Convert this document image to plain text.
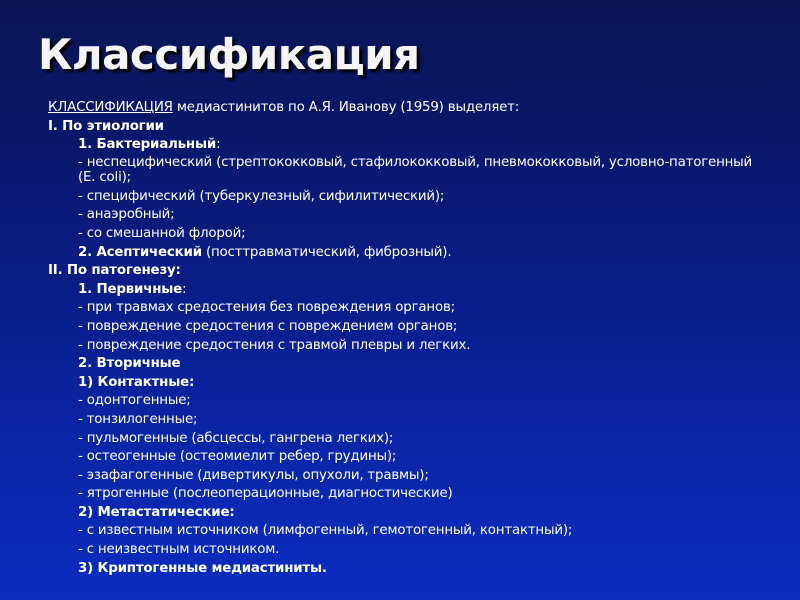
Классификация
КЛАССИФИКАЦИЯ медиастинитов по А.Я. Иванову (1959) выделяет:
I. По этиологии
1. Бактериальный:
- неспецифический (стрептококковый, стафилококковый, пневмококковый, условно-патогенный (E. coli);
- специфический (туберкулезный, сифилитический);
- анаэробный;
- со смешанной флорой;
2. Асептический (посттравматический, фиброзный).
II. По патогенезу:
1. Первичные:
- при травмах средостения без повреждения органов;
- повреждение средостения с повреждением органов;
- повреждение средостения с травмой плевры и легких.
2. Вторичные
1) Контактные:
- одонтогенные;
- тонзилогенные;
- пульмогенные (абсцессы, гангрена легких);
- остеогенные (остеомиелит ребер, грудины);
- эзафагогенные (дивертикулы, опухоли, травмы);
- ятрогенные (послеоперационные, диагностические)
2) Метастатические:
- с известным источником (лимфогенный, гемотогенный, контактный);
- с неизвестным источником.
3) Криптогенные медиастиниты.
